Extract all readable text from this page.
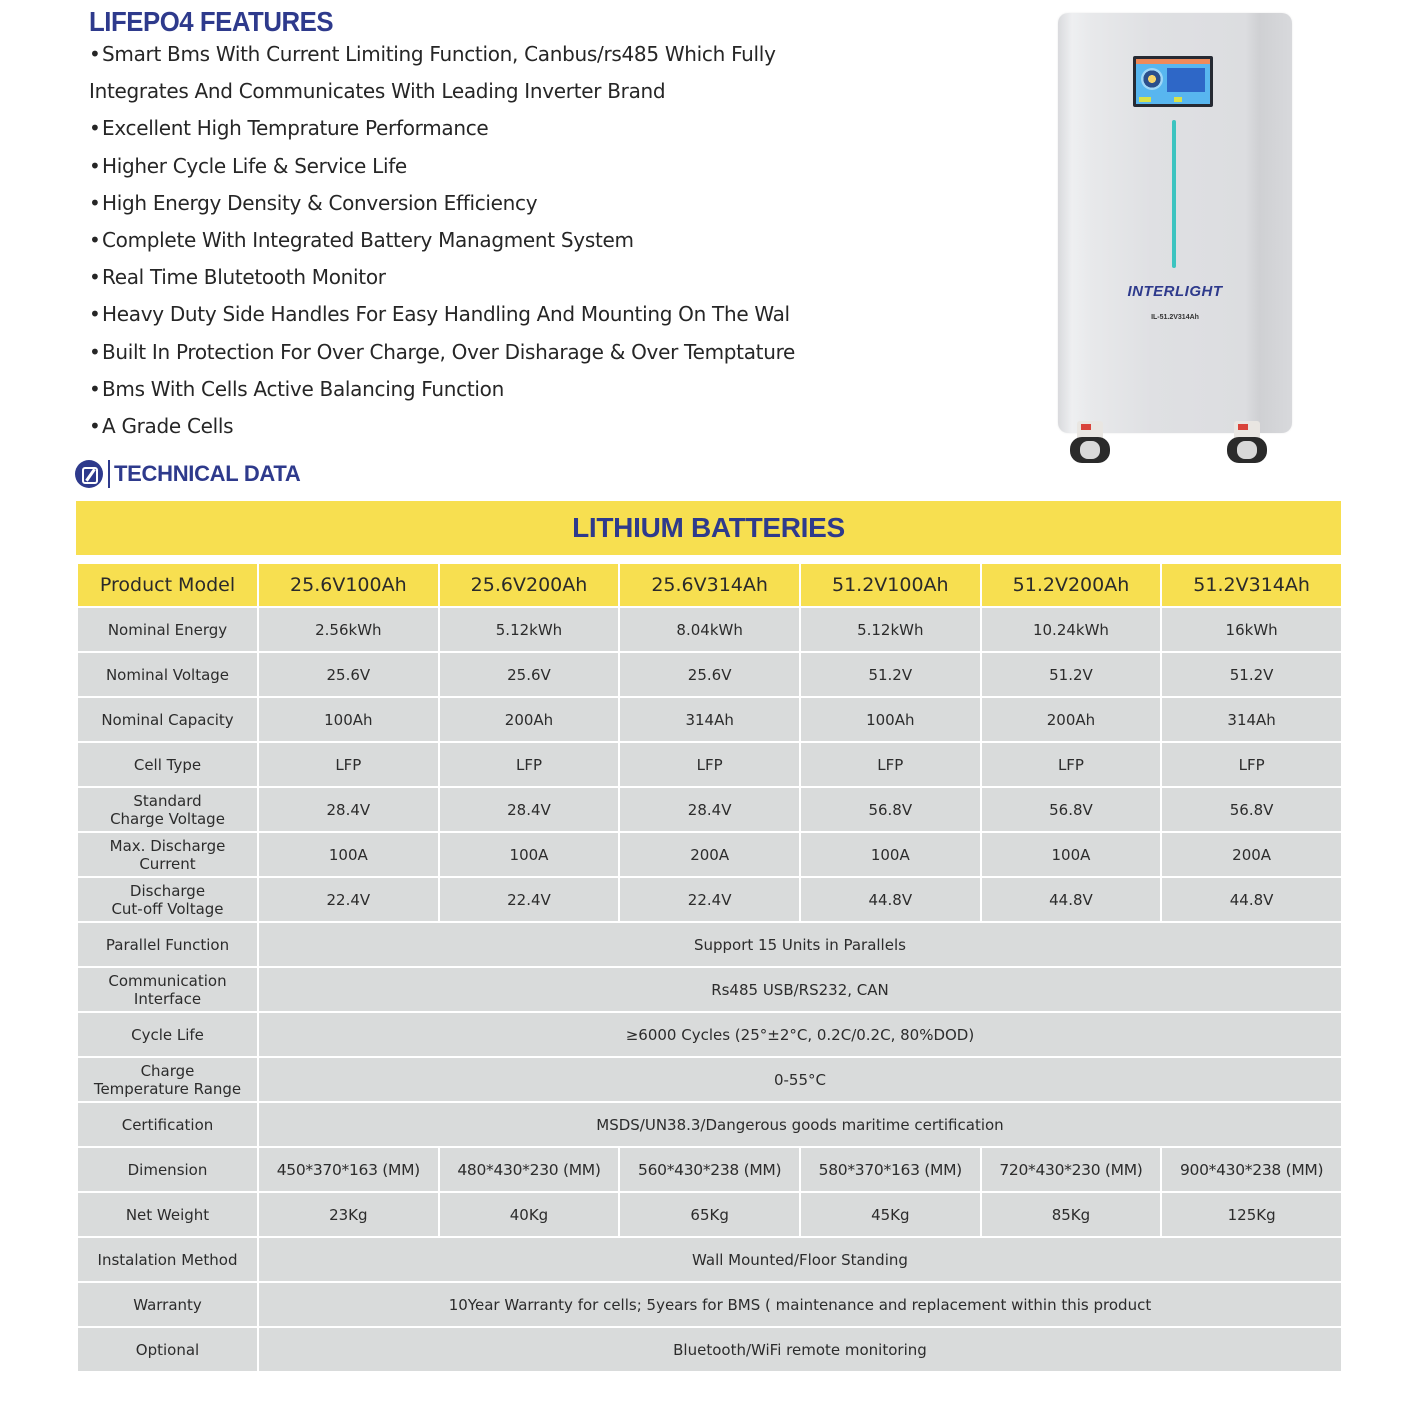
LIFEPO4 FEATURES
•Smart Bms With Current Limiting Function, Canbus/rs485 Which Fully
Integrates And Communicates With Leading Inverter Brand
•Excellent High Temprature Performance
•Higher Cycle Life & Service Life
•High Energy Density & Conversion Efficiency
•Complete With Integrated Battery Managment System
•Real Time Blutetooth Monitor
•Heavy Duty Side Handles For Easy Handling And Mounting On The Wal
•Built In Protection For Over Charge, Over Disharage & Over Temptature
•Bms With Cells Active Balancing Function
•A Grade Cells
INTERLIGHT
IL-51.2V314Ah
TECHNICAL DATA
LITHIUM BATTERIES
Product Model	25.6V100Ah	25.6V200Ah	25.6V314Ah	51.2V100Ah	51.2V200Ah	51.2V314Ah
Nominal Energy	2.56kWh	5.12kWh	8.04kWh	5.12kWh	10.24kWh	16kWh
Nominal Voltage	25.6V	25.6V	25.6V	51.2V	51.2V	51.2V
Nominal Capacity	100Ah	200Ah	314Ah	100Ah	200Ah	314Ah
Cell Type	LFP	LFP	LFP	LFP	LFP	LFP
Standard
Charge Voltage	28.4V	28.4V	28.4V	56.8V	56.8V	56.8V
Max. Discharge
Current	100A	100A	200A	100A	100A	200A
Discharge
Cut-off Voltage	22.4V	22.4V	22.4V	44.8V	44.8V	44.8V
Parallel Function	Support 15 Units in Parallels					
Communication
Interface	Rs485 USB/RS232, CAN					
Cycle Life	≥6000 Cycles (25°±2°C, 0.2C/0.2C, 80%DOD)					
Charge
Temperature Range	0-55°C					
Certification	MSDS/UN38.3/Dangerous goods maritime certification					
Dimension	450*370*163 (MM)	480*430*230 (MM)	560*430*238 (MM)	580*370*163 (MM)	720*430*230 (MM)	900*430*238 (MM)
Net Weight	23Kg	40Kg	65Kg	45Kg	85Kg	125Kg
Instalation Method	Wall Mounted/Floor Standing					
Warranty	10Year Warranty for cells; 5years for BMS ( maintenance and replacement within this product					
Optional	Bluetooth/WiFi remote monitoring					
